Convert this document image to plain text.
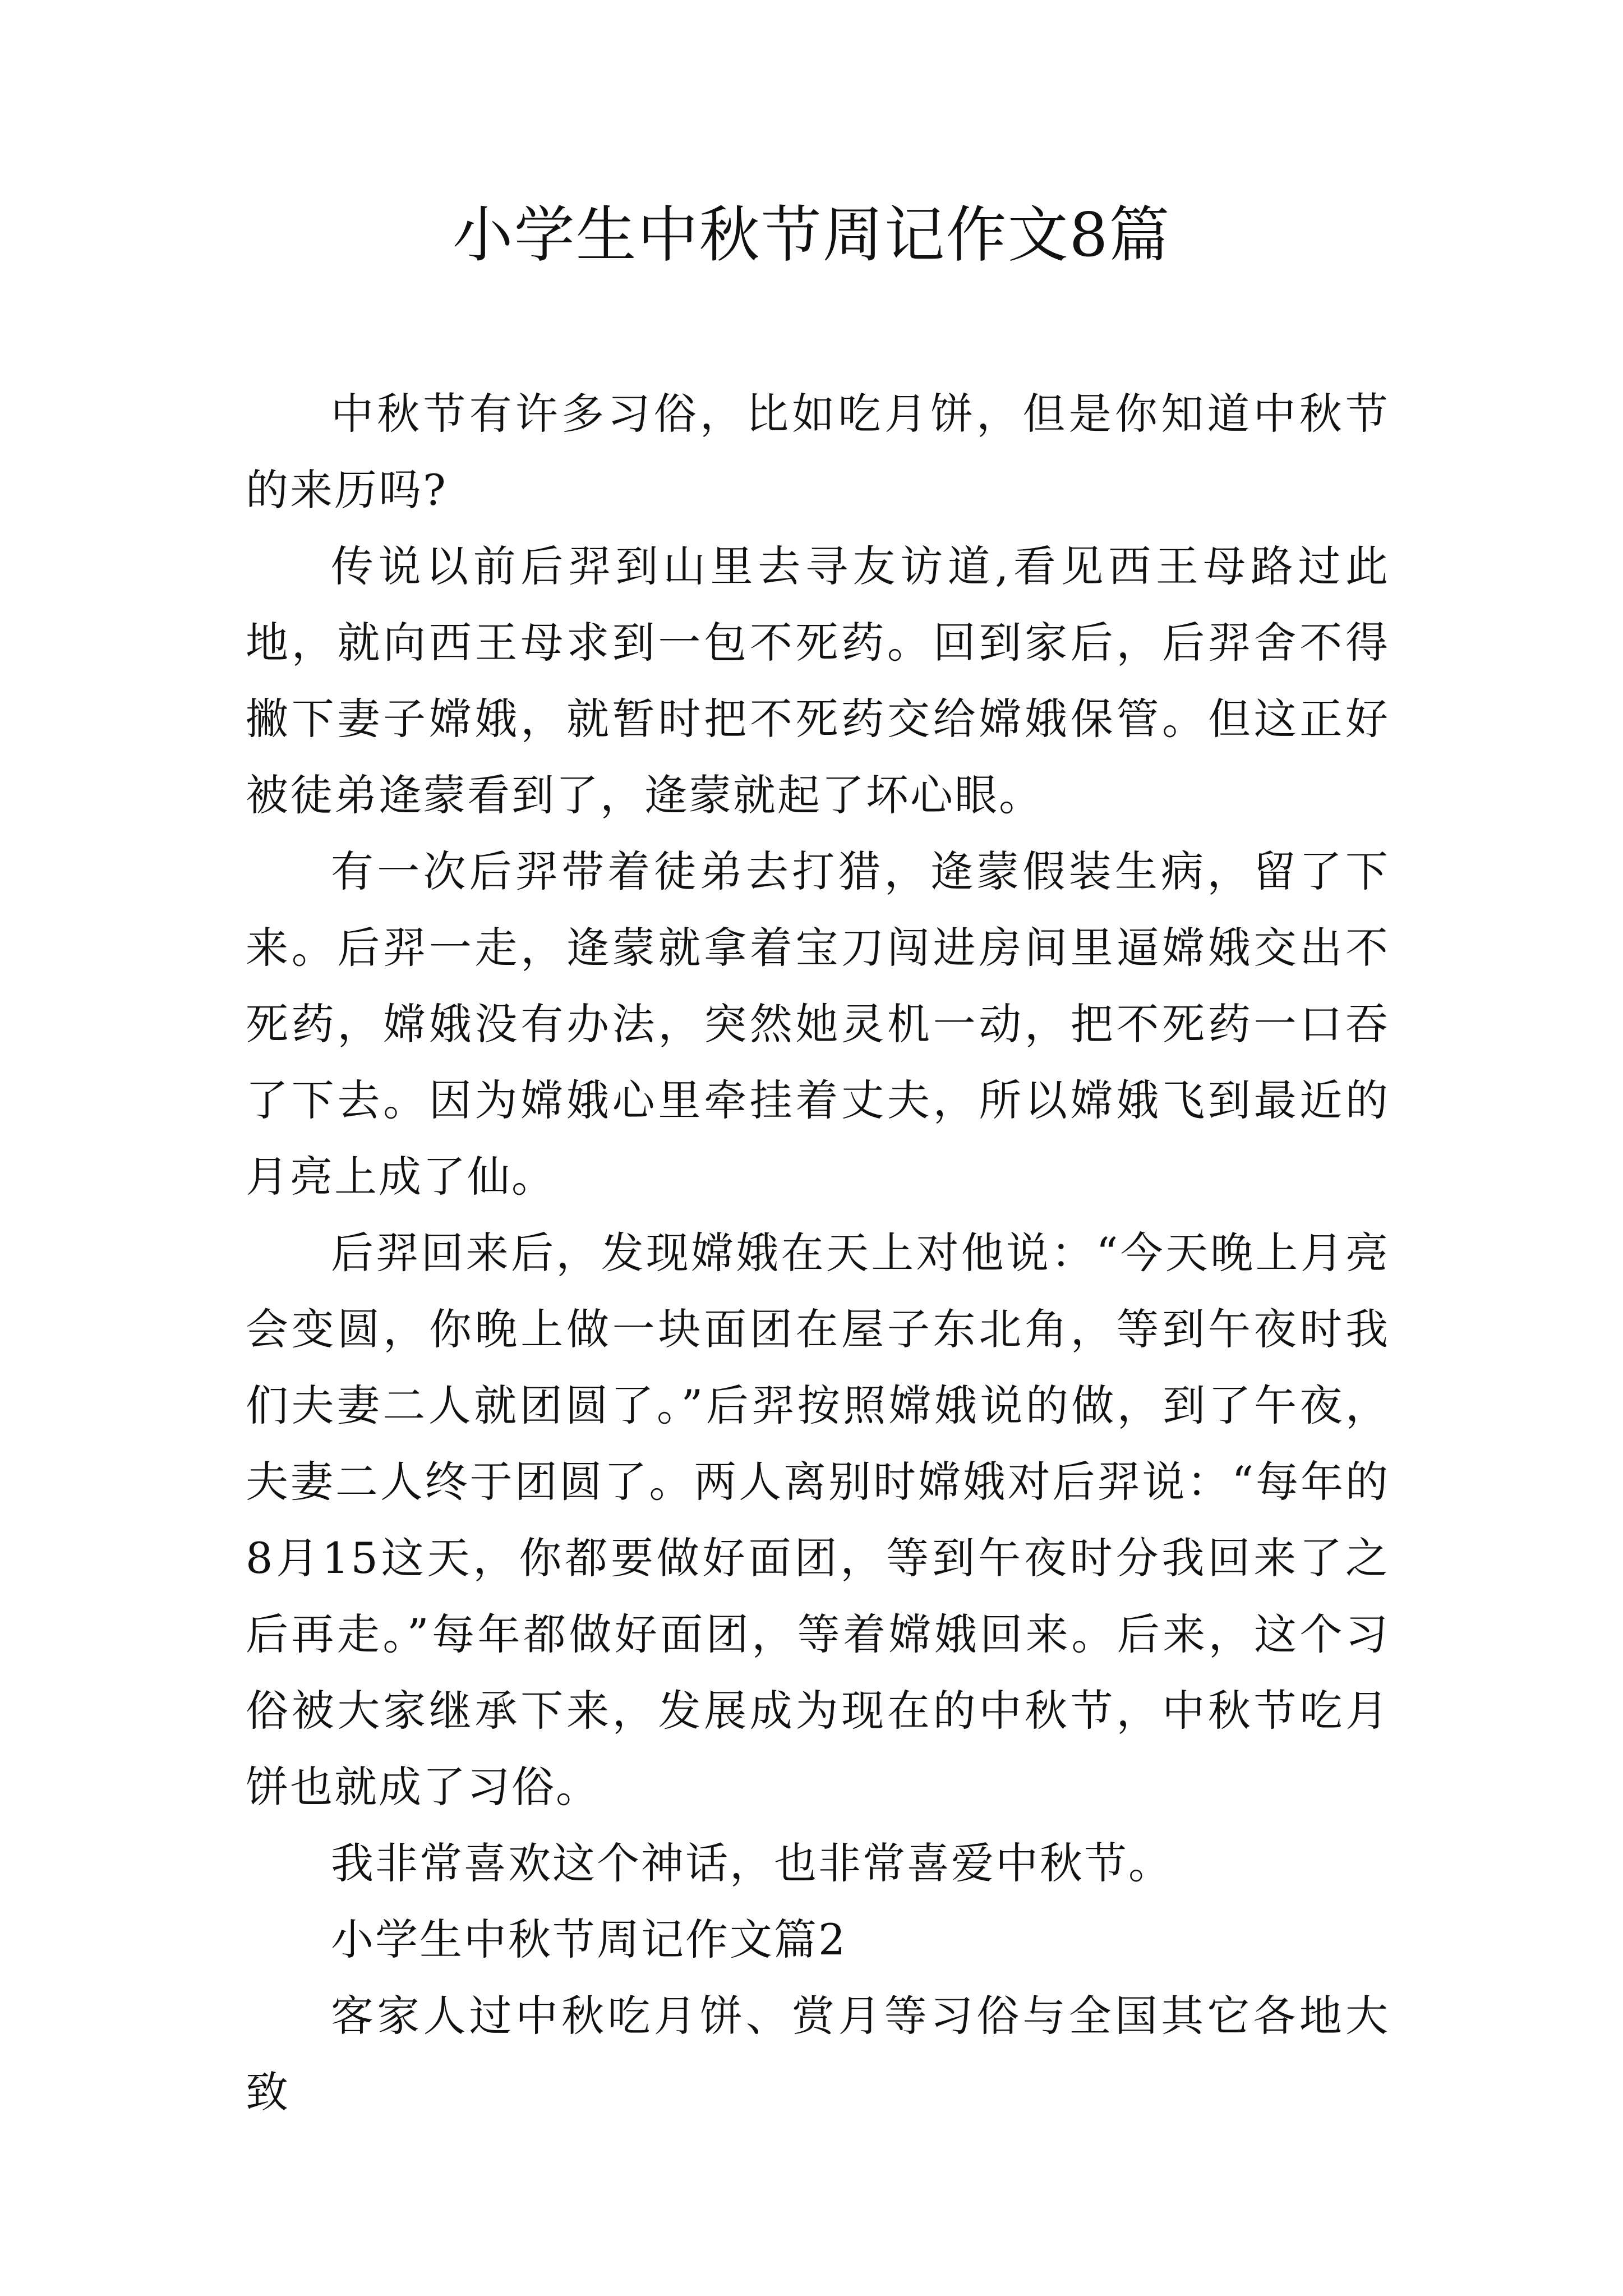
小学生中秋节周记作文8篇

中秋节有许多习俗，比如吃月饼，但是你知道中秋节的来历吗?

传说以前后羿到山里去寻友访道,看见西王母路过此地，就向西王母求到一包不死药。回到家后，后羿舍不得撇下妻子嫦娥，就暂时把不死药交给嫦娥保管。但这正好被徒弟逄蒙看到了，逄蒙就起了坏心眼。

有一次后羿带着徒弟去打猎，逄蒙假装生病，留了下来。后羿一走，逄蒙就拿着宝刀闯进房间里逼嫦娥交出不死药，嫦娥没有办法，突然她灵机一动，把不死药一口吞了下去。因为嫦娥心里牵挂着丈夫，所以嫦娥飞到最近的月亮上成了仙。

后羿回来后，发现嫦娥在天上对他说：“今天晚上月亮会变圆，你晚上做一块面团在屋子东北角，等到午夜时我们夫妻二人就团圆了。”后羿按照嫦娥说的做，到了午夜，夫妻二人终于团圆了。两人离别时嫦娥对后羿说：“每年的8月15这天，你都要做好面团，等到午夜时分我回来了之后再走。”每年都做好面团，等着嫦娥回来。后来，这个习俗被大家继承下来，发展成为现在的中秋节，中秋节吃月饼也就成了习俗。

我非常喜欢这个神话，也非常喜爱中秋节。

小学生中秋节周记作文篇2

客家人过中秋吃月饼、赏月等习俗与全国其它各地大致
